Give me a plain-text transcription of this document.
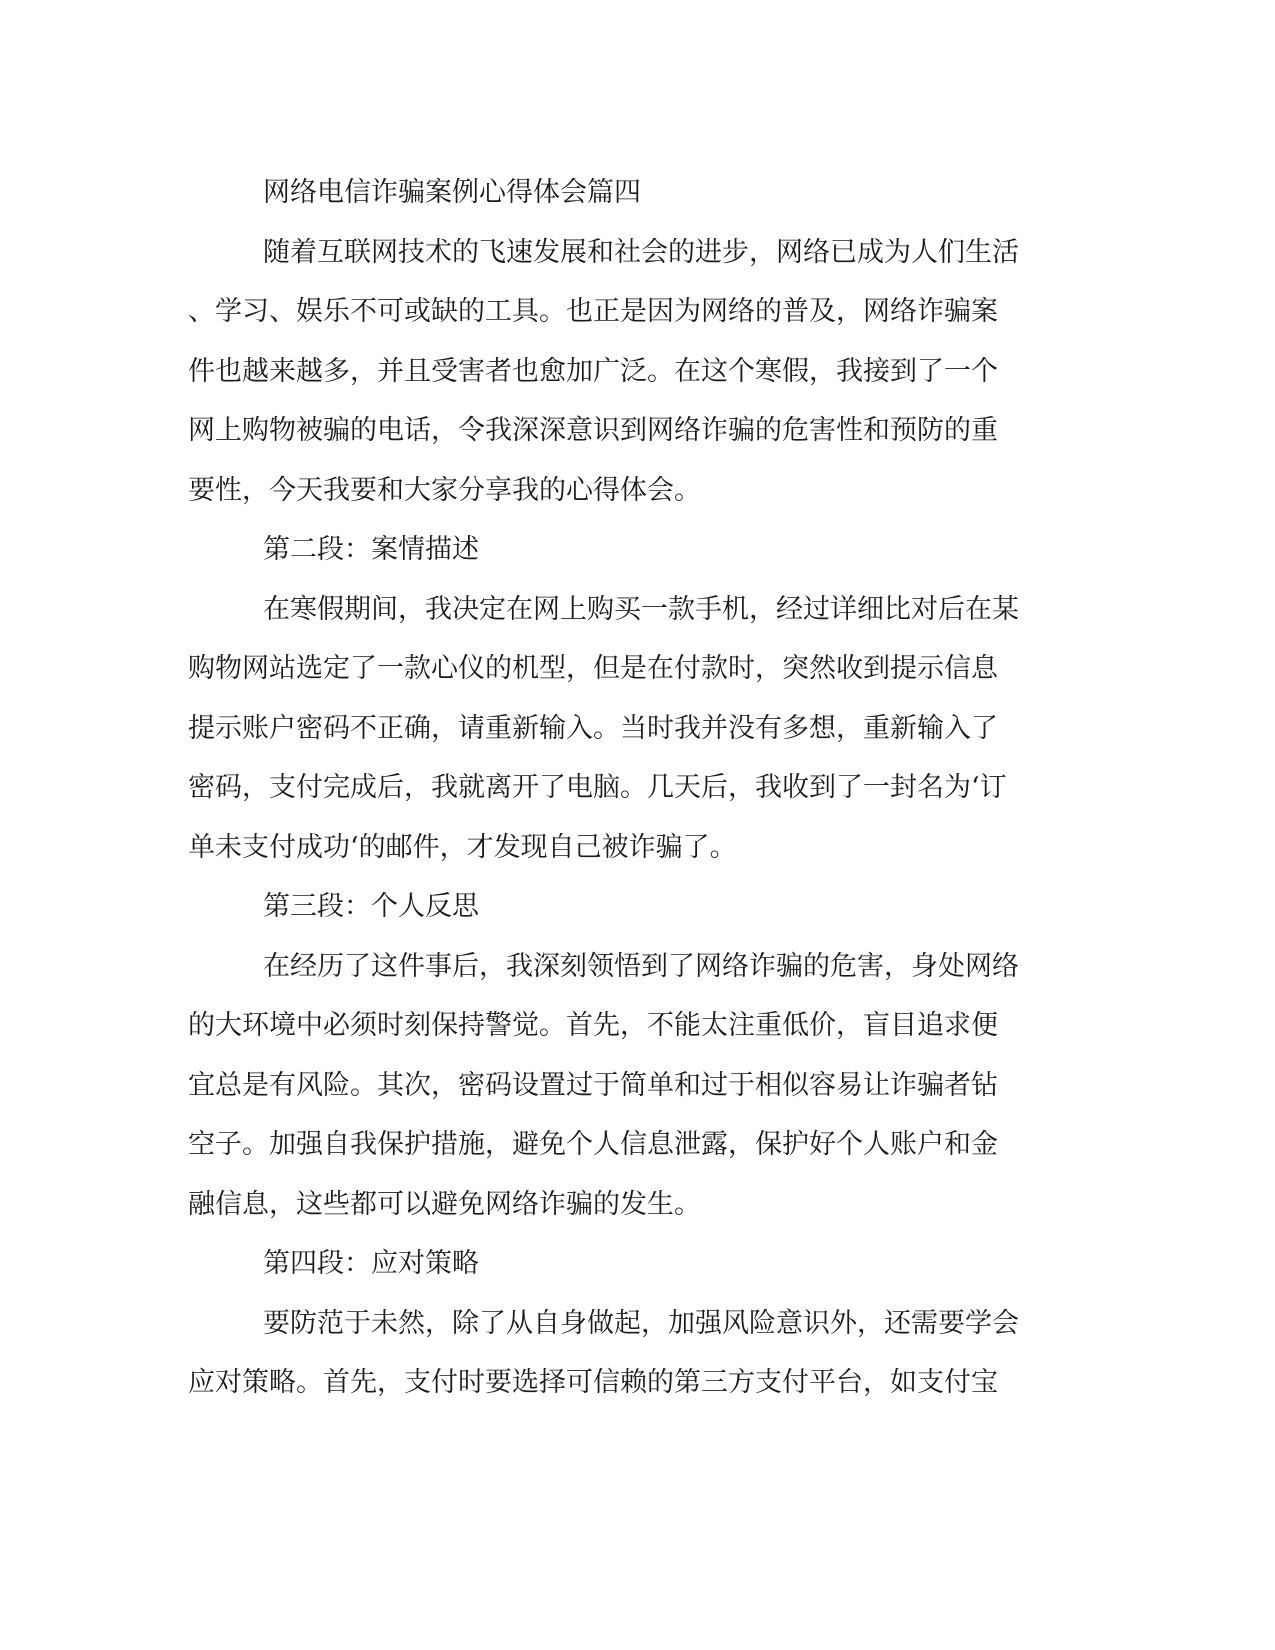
网络电信诈骗案例心得体会篇四
随着互联网技术的飞速发展和社会的进步，网络已成为人们生活
、学习、娱乐不可或缺的工具。也正是因为网络的普及，网络诈骗案
件也越来越多，并且受害者也愈加广泛。在这个寒假，我接到了一个
网上购物被骗的电话，令我深深意识到网络诈骗的危害性和预防的重
要性，今天我要和大家分享我的心得体会。
第二段：案情描述
在寒假期间，我决定在网上购买一款手机，经过详细比对后在某
购物网站选定了一款心仪的机型，但是在付款时，突然收到提示信息
提示账户密码不正确，请重新输入。当时我并没有多想，重新输入了
密码，支付完成后，我就离开了电脑。几天后，我收到了一封名为‘订
单未支付成功‘的邮件，才发现自己被诈骗了。
第三段：个人反思
在经历了这件事后，我深刻领悟到了网络诈骗的危害，身处网络
的大环境中必须时刻保持警觉。首先，不能太注重低价，盲目追求便
宜总是有风险。其次，密码设置过于简单和过于相似容易让诈骗者钻
空子。加强自我保护措施，避免个人信息泄露，保护好个人账户和金
融信息，这些都可以避免网络诈骗的发生。
第四段：应对策略
要防范于未然，除了从自身做起，加强风险意识外，还需要学会
应对策略。首先，支付时要选择可信赖的第三方支付平台，如支付宝
